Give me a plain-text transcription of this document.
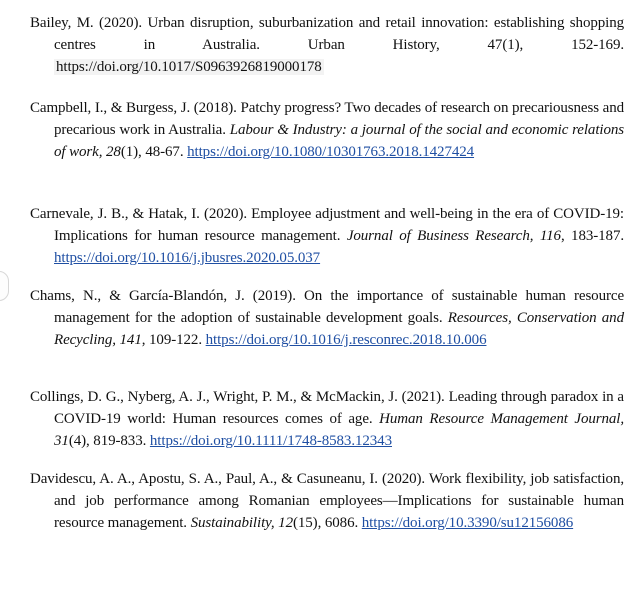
Bailey, M. (2020). Urban disruption, suburbanization and retail innovation: establishing shopping centres in Australia. Urban History, 47(1), 152-169. https://doi.org/10.1017/S0963926819000178
Campbell, I., & Burgess, J. (2018). Patchy progress? Two decades of research on precariousness and precarious work in Australia. Labour & Industry: a journal of the social and economic relations of work, 28(1), 48-67. https://doi.org/10.1080/10301763.2018.1427424
Carnevale, J. B., & Hatak, I. (2020). Employee adjustment and well-being in the era of COVID-19: Implications for human resource management. Journal of Business Research, 116, 183-187. https://doi.org/10.1016/j.jbusres.2020.05.037
Chams, N., & García-Blandón, J. (2019). On the importance of sustainable human resource management for the adoption of sustainable development goals. Resources, Conservation and Recycling, 141, 109-122. https://doi.org/10.1016/j.resconrec.2018.10.006
Collings, D. G., Nyberg, A. J., Wright, P. M., & McMackin, J. (2021). Leading through paradox in a COVID-19 world: Human resources comes of age. Human Resource Management Journal, 31(4), 819-833. https://doi.org/10.1111/1748-8583.12343
Davidescu, A. A., Apostu, S. A., Paul, A., & Casuneanu, I. (2020). Work flexibility, job satisfaction, and job performance among Romanian employees—Implications for sustainable human resource management. Sustainability, 12(15), 6086. https://doi.org/10.3390/su12156086
